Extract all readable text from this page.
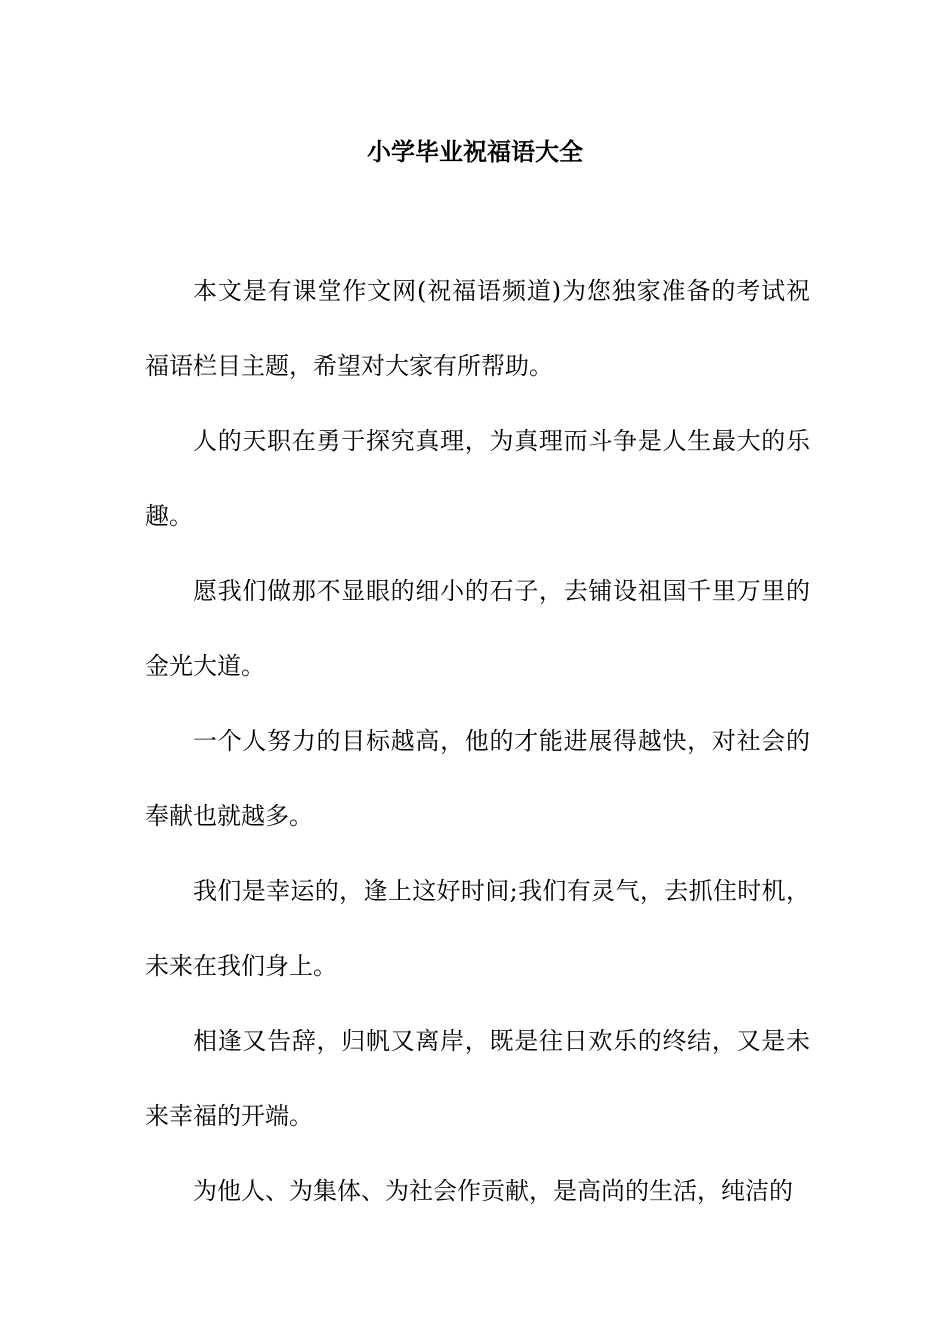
小学毕业祝福语大全

本文是有课堂作文网(祝福语频道)为您独家准备的考试祝福语栏目主题，希望对大家有所帮助。

人的天职在勇于探究真理，为真理而斗争是人生最大的乐趣。

愿我们做那不显眼的细小的石子，去铺设祖国千里万里的金光大道。

一个人努力的目标越高，他的才能进展得越快，对社会的奉献也就越多。

我们是幸运的，逢上这好时间;我们有灵气，去抓住时机，未来在我们身上。

相逢又告辞，归帆又离岸，既是往日欢乐的终结，又是未来幸福的开端。

为他人、为集体、为社会作贡献，是高尚的生活，纯洁的
